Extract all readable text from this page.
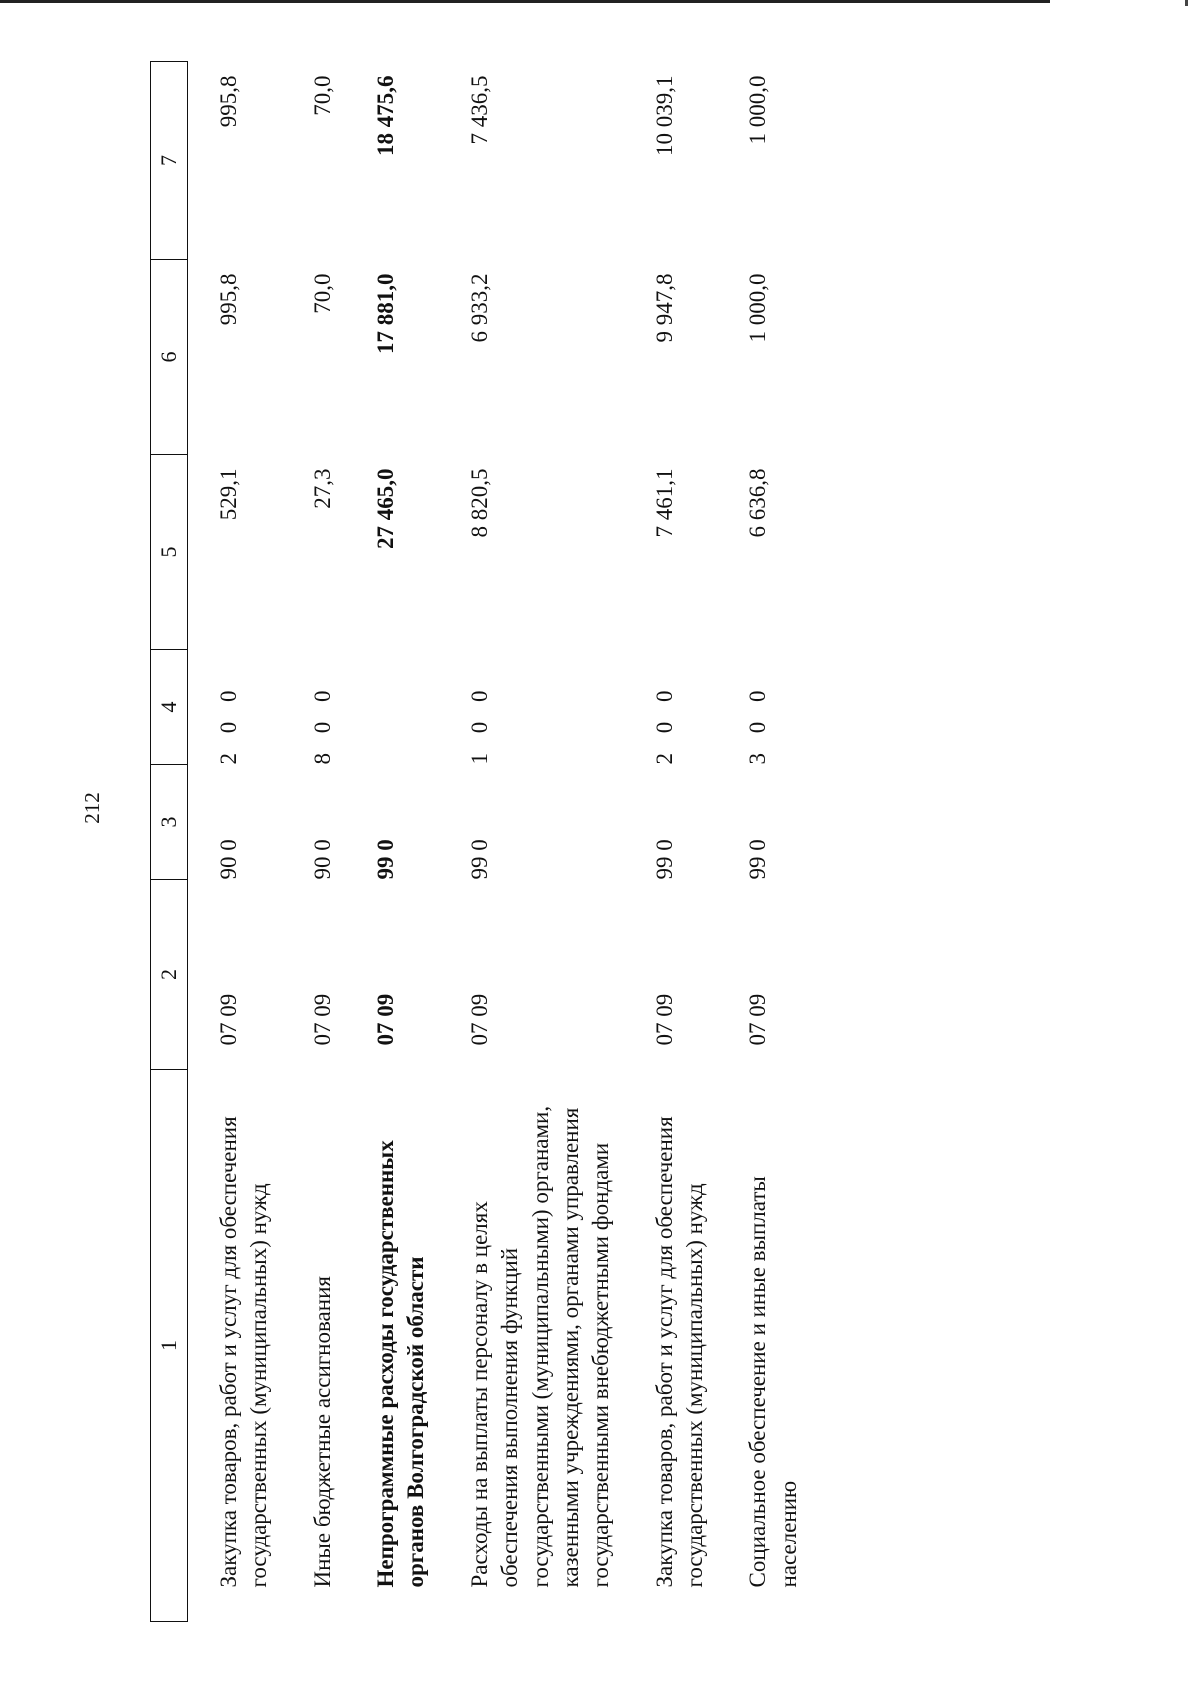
212
1	2	3	4	5	6	7

Закупка товаров, работ и услуг для обеспечения государственных (муниципальных) нужд	07 09	90 0	2 0 0	529,1	995,8	995,8

Иные бюджетные ассигнования	07 09	90 0	8 0 0	27,3	70,0	70,0

Непрограммные расходы государственных органов Волгоградской области	07 09	99 0		27 465,0	17 881,0	18 475,6

Расходы на выплаты персоналу в целях обеспечения выполнения функций государственными (муниципальными) органами, казенными учреждениями, органами управления государственными внебюджетными фондами	07 09	99 0	1 0 0	8 820,5	6 933,2	7 436,5

Закупка товаров, работ и услуг для обеспечения государственных (муниципальных) нужд	07 09	99 0	2 0 0	7 461,1	9 947,8	10 039,1

Социальное обеспечение и иные выплаты населению	07 09	99 0	3 0 0	6 636,8	1 000,0	1 000,0
